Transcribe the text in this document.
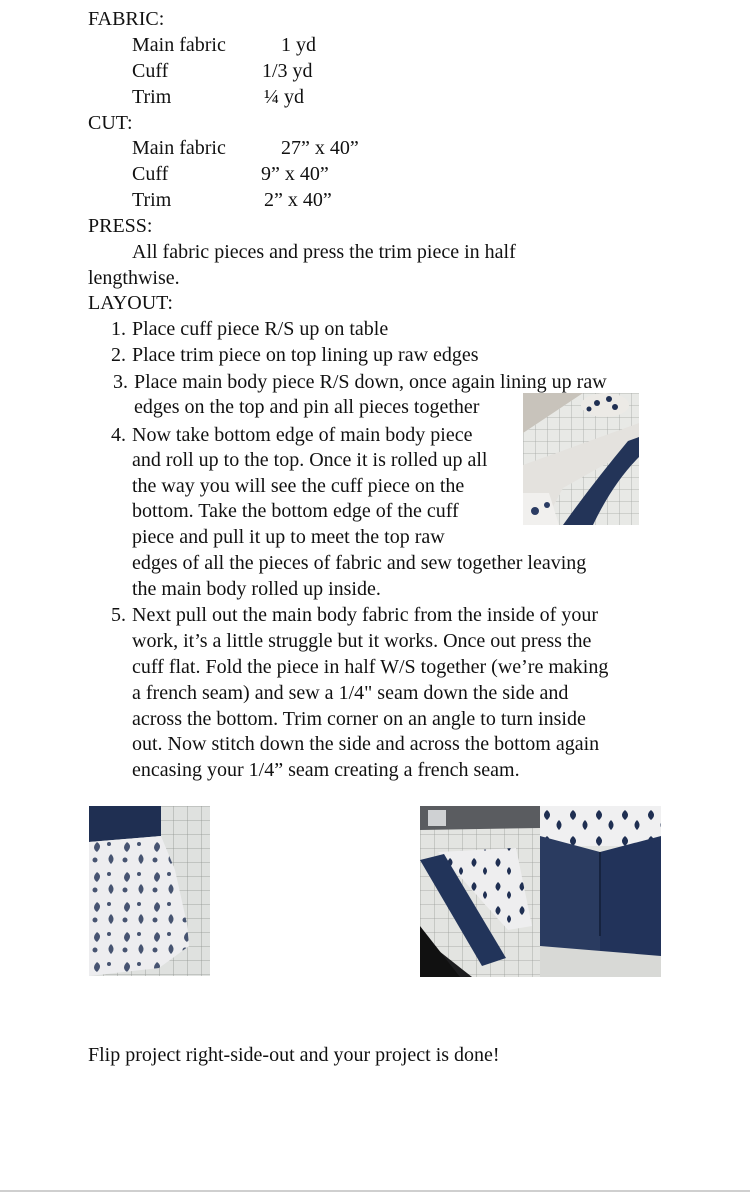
FABRIC:
Main fabric	1 yd
Cuff	1/3 yd
Trim	¼ yd
CUT:
Main fabric	27” x 40”
Cuff	9” x 40”
Trim	2” x 40”
PRESS:
All fabric pieces and press the trim piece in half
lengthwise.
LAYOUT:
1. Place cuff piece R/S up on table
2. Place trim piece on top lining up raw edges
3. Place main body piece R/S down, once again lining up raw
edges on the top and pin all pieces together
4. Now take bottom edge of main body piece
and roll up to the top. Once it is rolled up all
the way you will see the cuff piece on the
bottom. Take the bottom edge of the cuff
piece and pull it up to meet the top raw
edges of all the pieces of fabric and sew together leaving
the main body rolled up inside.
5. Next pull out the main body fabric from the inside of your
work, it’s a little struggle but it works. Once out press the
cuff flat. Fold the piece in half W/S together (we’re making
a french seam) and sew a 1/4" seam down the side and
across the bottom. Trim corner on an angle to turn inside
out. Now stitch down the side and across the bottom again
encasing your 1/4” seam creating a french seam.
Flip project right-side-out and your project is done!
